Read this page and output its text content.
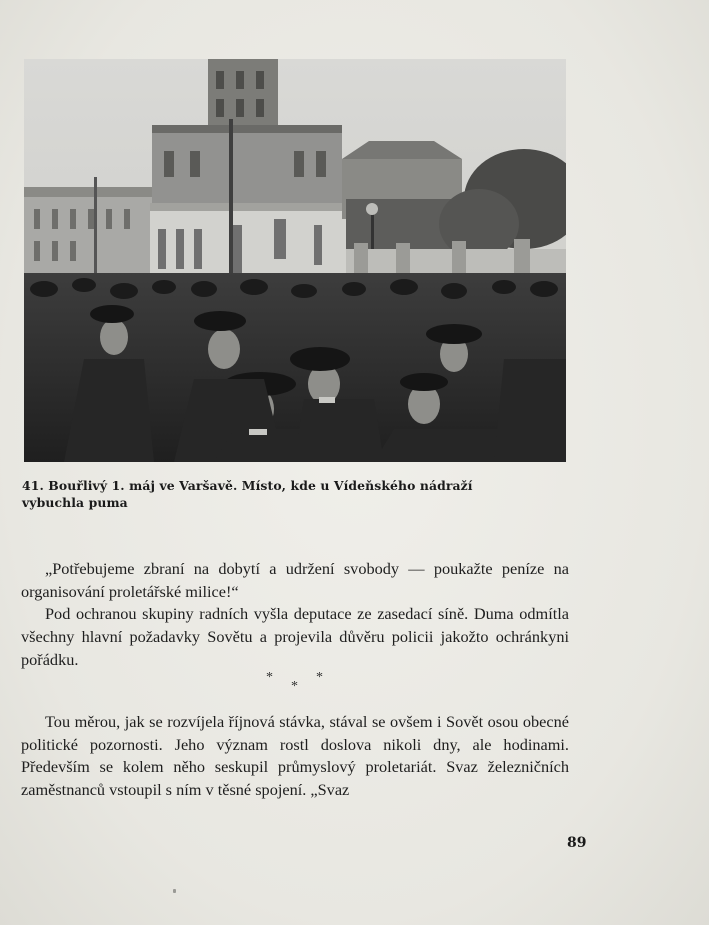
41. Bouřlivý 1. máj ve Varšavě. Místo, kde u Vídeňského nádraží vybuchla puma

„Potřebujeme zbraní na dobytí a udržení svobody — poukažte peníze na organisování proletářské milice!“

Pod ochranou skupiny radních vyšla deputace ze zasedací síně. Duma odmítla všechny hlavní požadavky Sovětu a projevila důvěru policii jakožto ochránkyni pořádku.

*
*
*

Tou měrou, jak se rozvíjela říjnová stávka, stával se ovšem i Sovět osou obecné politické pozornosti. Jeho význam rostl doslova nikoli dny, ale hodinami. Především se kolem něho seskupil průmyslový proletariát. Svaz železničních zaměstnanců vstoupil s ním v těsné spojení. „Svaz

89
